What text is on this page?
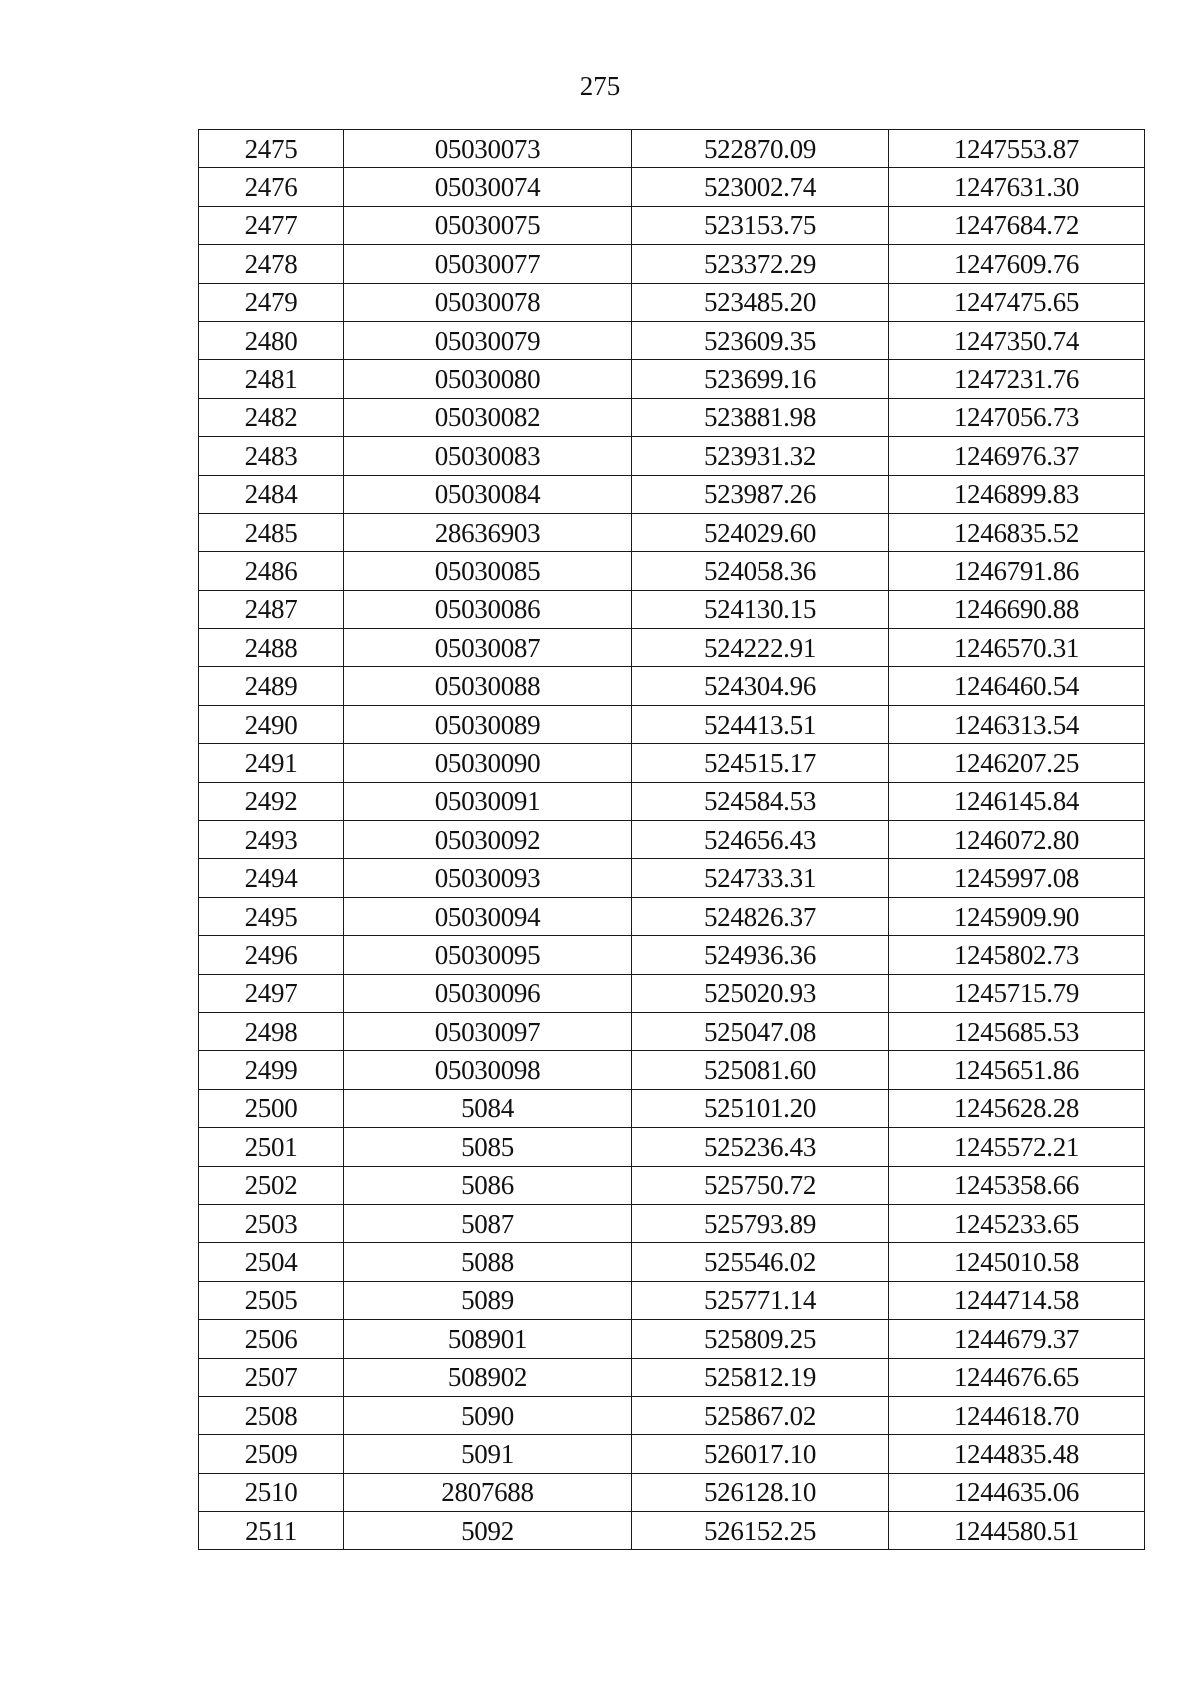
275
2475	05030073	522870.09	1247553.87
2476	05030074	523002.74	1247631.30
2477	05030075	523153.75	1247684.72
2478	05030077	523372.29	1247609.76
2479	05030078	523485.20	1247475.65
2480	05030079	523609.35	1247350.74
2481	05030080	523699.16	1247231.76
2482	05030082	523881.98	1247056.73
2483	05030083	523931.32	1246976.37
2484	05030084	523987.26	1246899.83
2485	28636903	524029.60	1246835.52
2486	05030085	524058.36	1246791.86
2487	05030086	524130.15	1246690.88
2488	05030087	524222.91	1246570.31
2489	05030088	524304.96	1246460.54
2490	05030089	524413.51	1246313.54
2491	05030090	524515.17	1246207.25
2492	05030091	524584.53	1246145.84
2493	05030092	524656.43	1246072.80
2494	05030093	524733.31	1245997.08
2495	05030094	524826.37	1245909.90
2496	05030095	524936.36	1245802.73
2497	05030096	525020.93	1245715.79
2498	05030097	525047.08	1245685.53
2499	05030098	525081.60	1245651.86
2500	5084	525101.20	1245628.28
2501	5085	525236.43	1245572.21
2502	5086	525750.72	1245358.66
2503	5087	525793.89	1245233.65
2504	5088	525546.02	1245010.58
2505	5089	525771.14	1244714.58
2506	508901	525809.25	1244679.37
2507	508902	525812.19	1244676.65
2508	5090	525867.02	1244618.70
2509	5091	526017.10	1244835.48
2510	2807688	526128.10	1244635.06
2511	5092	526152.25	1244580.51
